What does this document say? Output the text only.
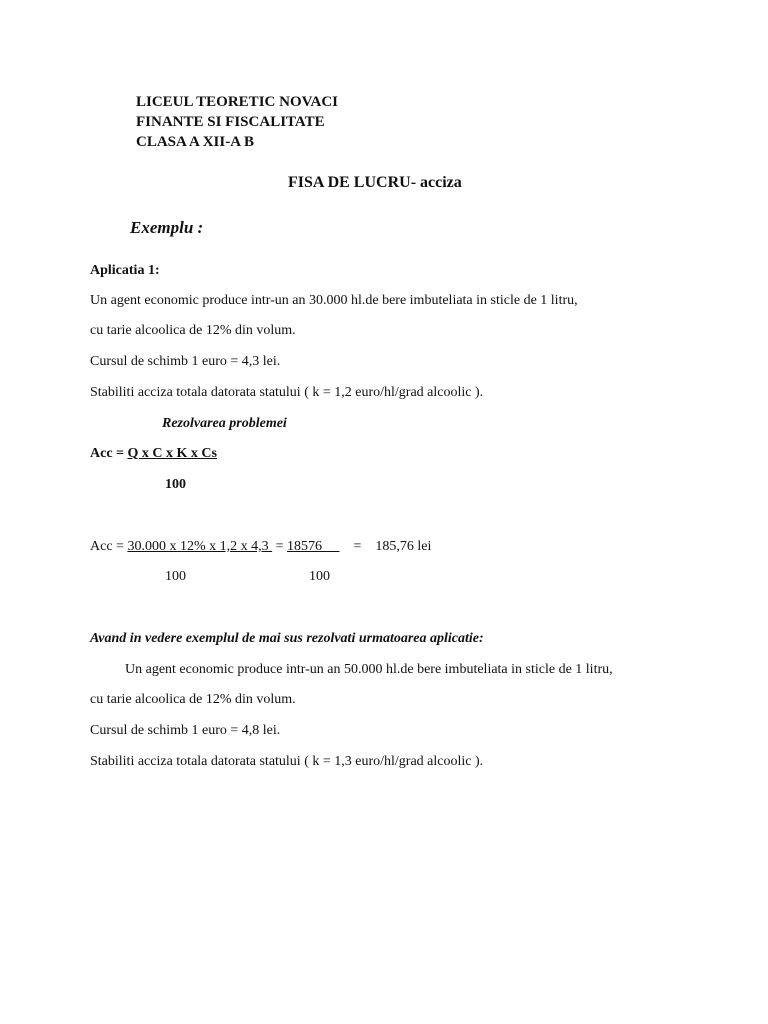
LICEUL TEORETIC NOVACI
FINANTE SI FISCALITATE
CLASA A XII-A B
FISA DE LUCRU- acciza
Exemplu :
Aplicatia 1:
Un agent economic produce intr-un an 30.000 hl.de bere imbuteliata in sticle de 1 litru,
cu tarie alcoolica de 12% din volum.
Cursul de schimb 1 euro = 4,3 lei.
Stabiliti acciza totala datorata statului ( k = 1,2 euro/hl/grad alcoolic ).
Rezolvarea problemei
Acc = Q x C x K x Cs
100
Acc = 30.000 x 12% x 1,2 x 4,3  = 18576     =    185,76 lei
100	100
Avand in vedere exemplul de mai sus rezolvati urmatoarea aplicatie:
Un agent economic produce intr-un an 50.000 hl.de bere imbuteliata in sticle de 1 litru,
cu tarie alcoolica de 12% din volum.
Cursul de schimb 1 euro = 4,8 lei.
Stabiliti acciza totala datorata statului ( k = 1,3 euro/hl/grad alcoolic ).
